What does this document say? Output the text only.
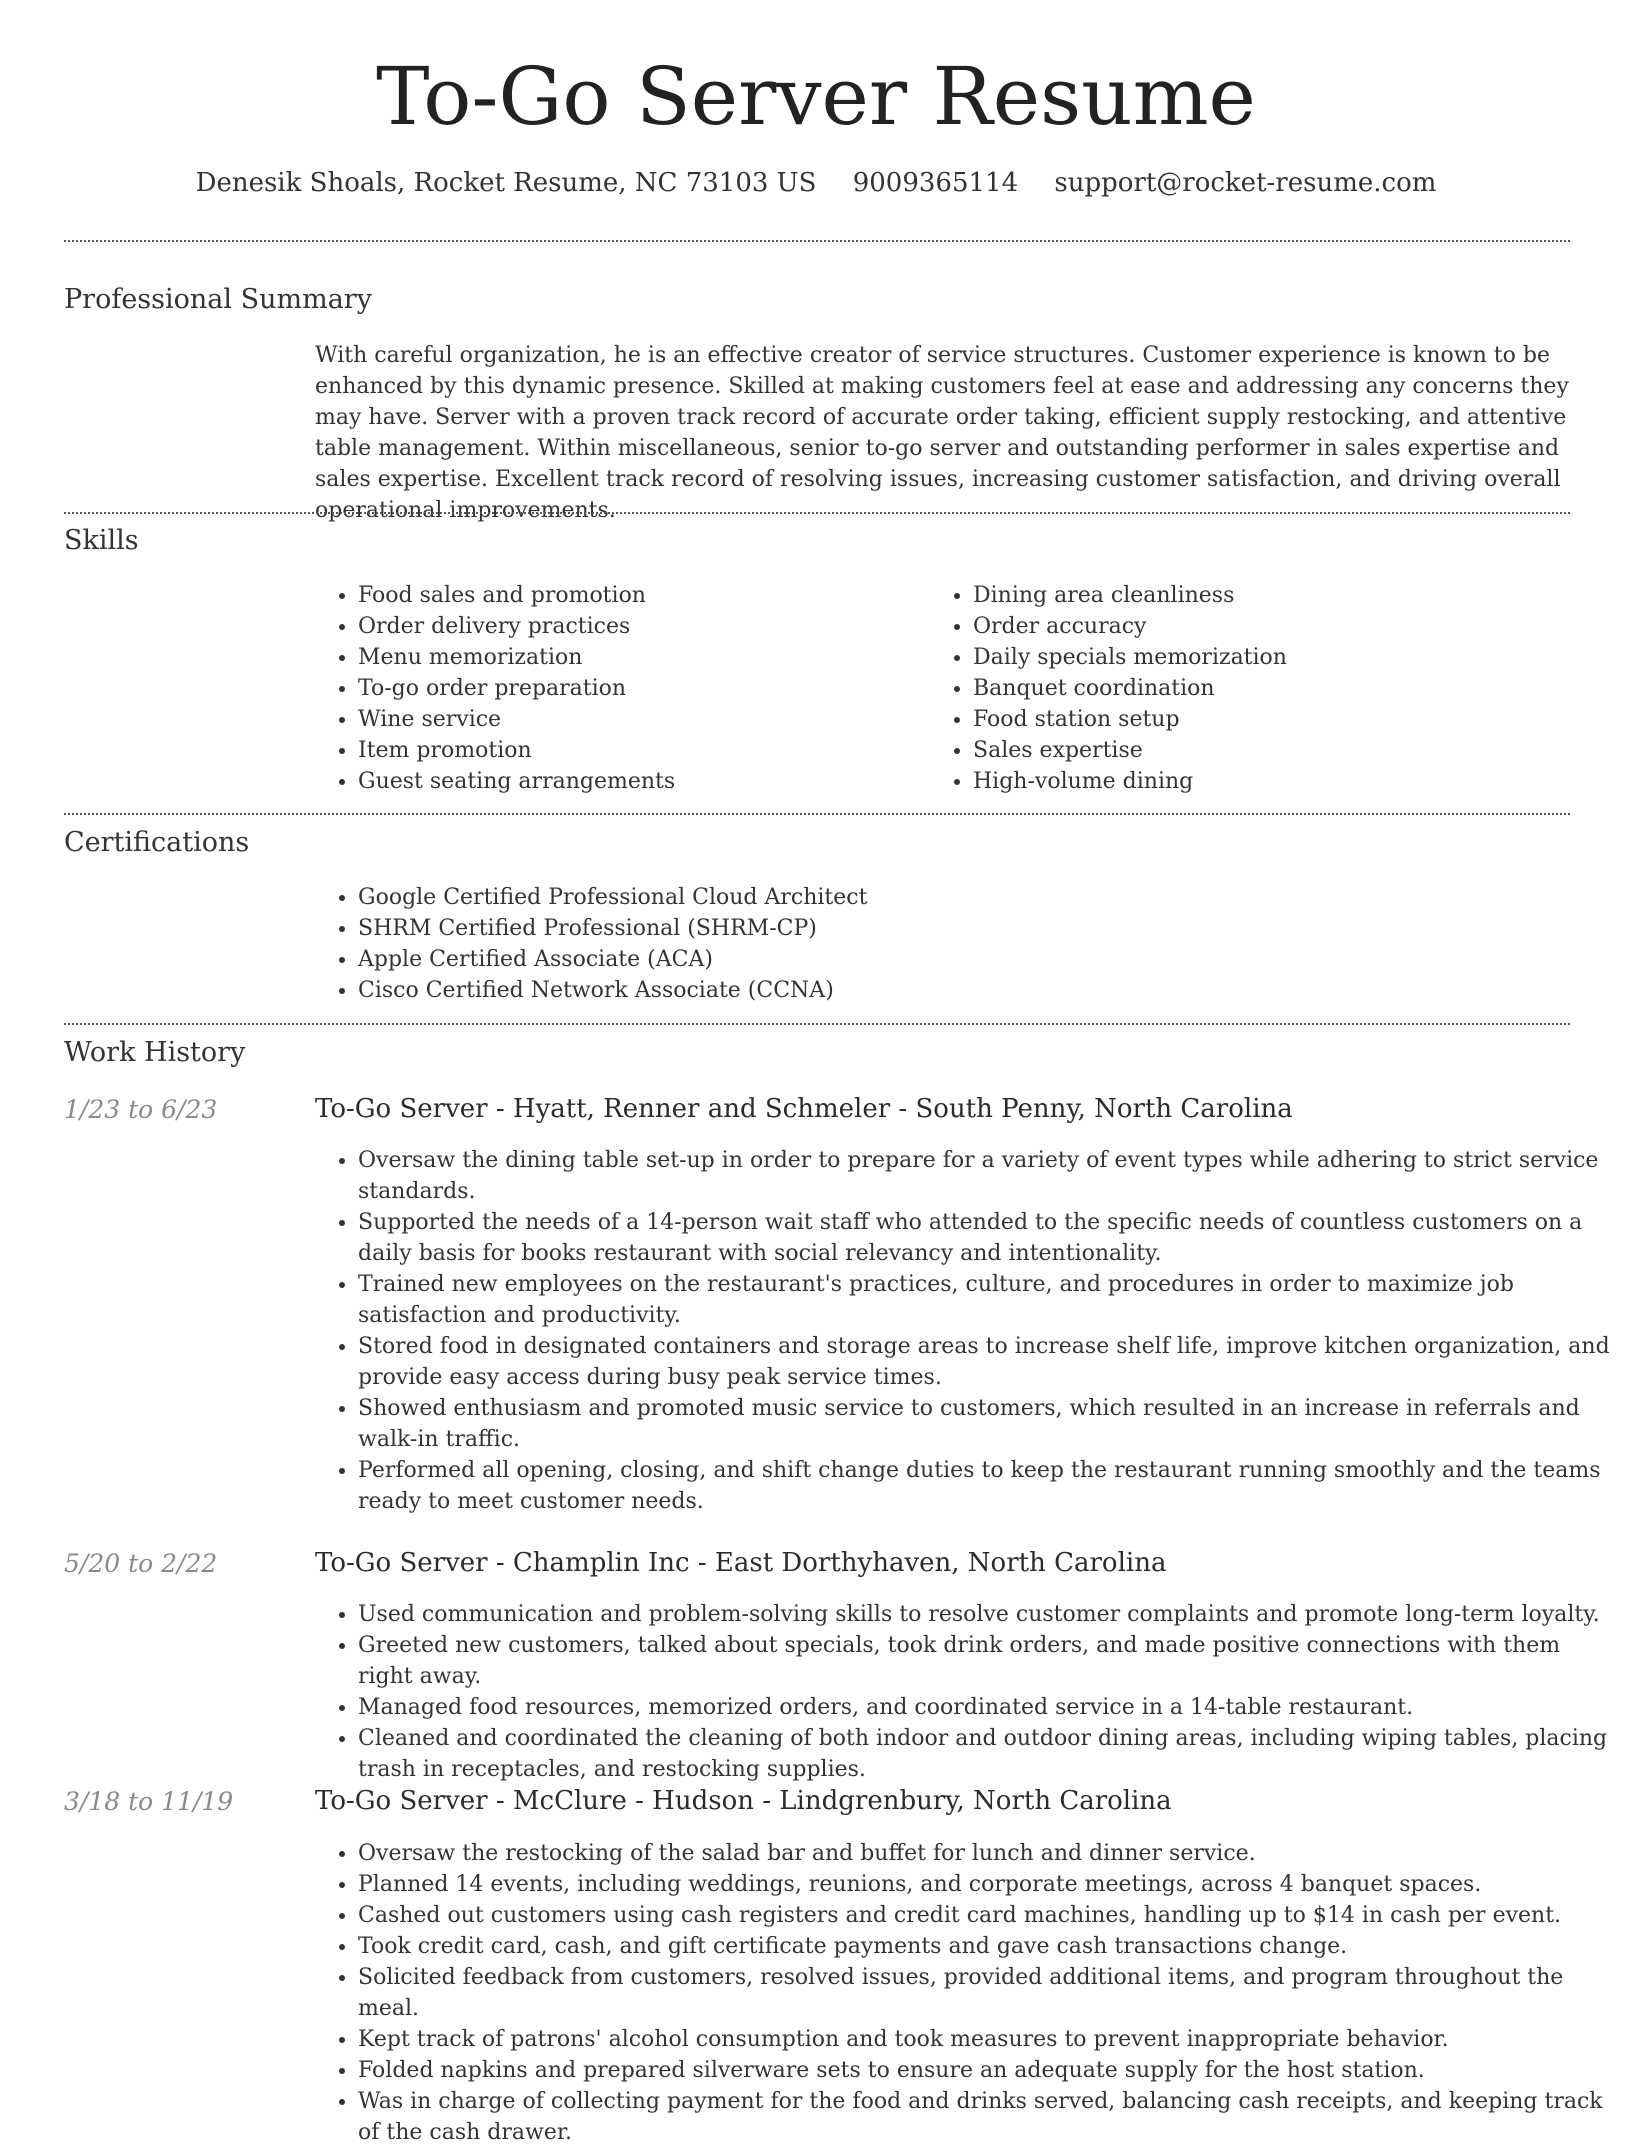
To-Go Server Resume
Denesik Shoals, Rocket Resume, NC 73103 US 9009365114 support@rocket-resume.com
Professional Summary
With careful organization, he is an effective creator of service structures. Customer experience is known to be enhanced by this dynamic presence. Skilled at making customers feel at ease and addressing any concerns they may have. Server with a proven track record of accurate order taking, efficient supply restocking, and attentive table management. Within miscellaneous, senior to-go server and outstanding performer in sales expertise and sales expertise. Excellent track record of resolving issues, increasing customer satisfaction, and driving overall operational improvements.
Skills
• Food sales and promotion
• Order delivery practices
• Menu memorization
• To-go order preparation
• Wine service
• Item promotion
• Guest seating arrangements
• Dining area cleanliness
• Order accuracy
• Daily specials memorization
• Banquet coordination
• Food station setup
• Sales expertise
• High-volume dining
Certifications
• Google Certified Professional Cloud Architect
• SHRM Certified Professional (SHRM-CP)
• Apple Certified Associate (ACA)
• Cisco Certified Network Associate (CCNA)
Work History
1/23 to 6/23	To-Go Server - Hyatt, Renner and Schmeler - South Penny, North Carolina
• Oversaw the dining table set-up in order to prepare for a variety of event types while adhering to strict service standards.
• Supported the needs of a 14-person wait staff who attended to the specific needs of countless customers on a daily basis for books restaurant with social relevancy and intentionality.
• Trained new employees on the restaurant's practices, culture, and procedures in order to maximize job satisfaction and productivity.
• Stored food in designated containers and storage areas to increase shelf life, improve kitchen organization, and provide easy access during busy peak service times.
• Showed enthusiasm and promoted music service to customers, which resulted in an increase in referrals and walk-in traffic.
• Performed all opening, closing, and shift change duties to keep the restaurant running smoothly and the teams ready to meet customer needs.
5/20 to 2/22	To-Go Server - Champlin Inc - East Dorthyhaven, North Carolina
• Used communication and problem-solving skills to resolve customer complaints and promote long-term loyalty.
• Greeted new customers, talked about specials, took drink orders, and made positive connections with them right away.
• Managed food resources, memorized orders, and coordinated service in a 14-table restaurant.
• Cleaned and coordinated the cleaning of both indoor and outdoor dining areas, including wiping tables, placing trash in receptacles, and restocking supplies.
3/18 to 11/19	To-Go Server - McClure - Hudson - Lindgrenbury, North Carolina
• Oversaw the restocking of the salad bar and buffet for lunch and dinner service.
• Planned 14 events, including weddings, reunions, and corporate meetings, across 4 banquet spaces.
• Cashed out customers using cash registers and credit card machines, handling up to $14 in cash per event.
• Took credit card, cash, and gift certificate payments and gave cash transactions change.
• Solicited feedback from customers, resolved issues, provided additional items, and program throughout the meal.
• Kept track of patrons' alcohol consumption and took measures to prevent inappropriate behavior.
• Folded napkins and prepared silverware sets to ensure an adequate supply for the host station.
• Was in charge of collecting payment for the food and drinks served, balancing cash receipts, and keeping track of the cash drawer.
